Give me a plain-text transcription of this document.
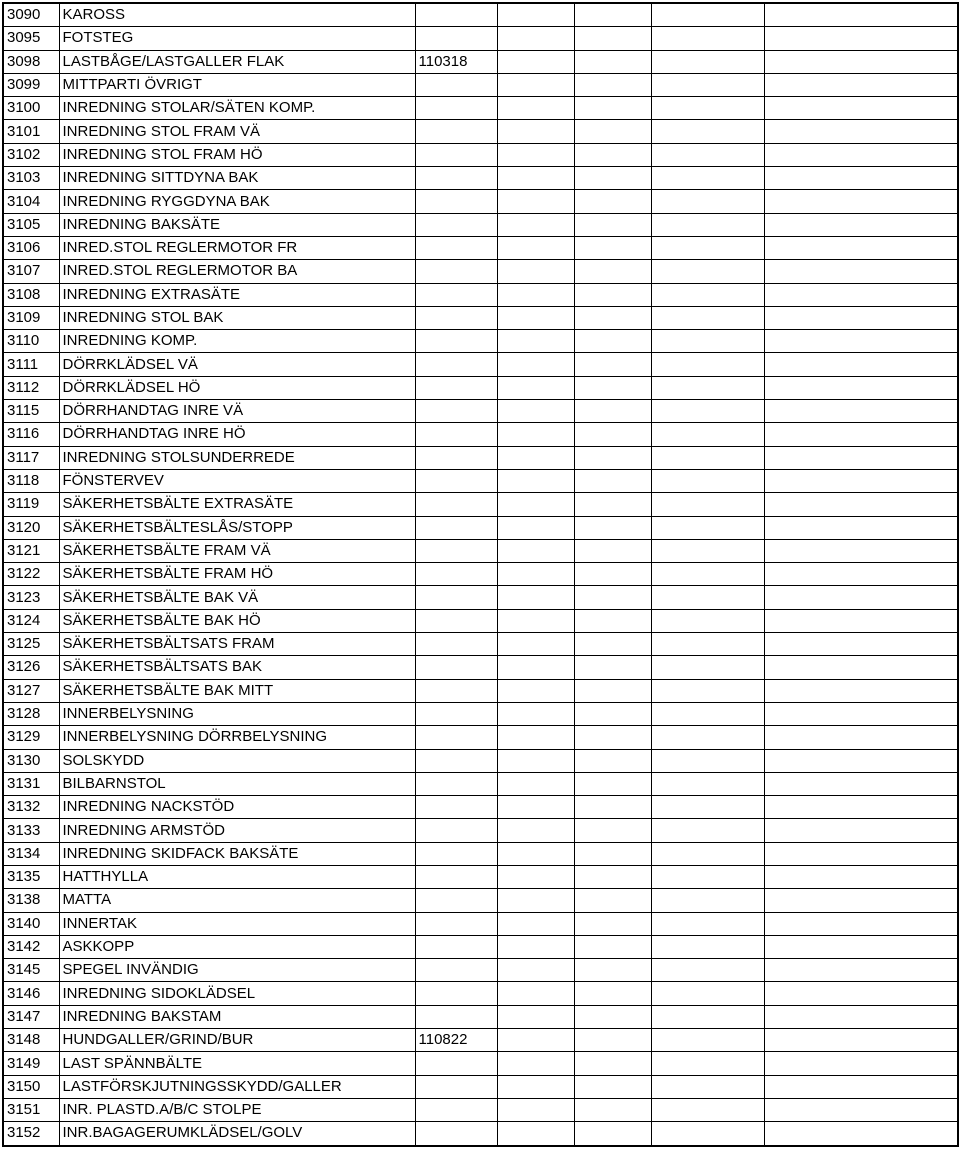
3090	KAROSS					
3095	FOTSTEG					
3098	LASTBÅGE/LASTGALLER FLAK	110318				
3099	MITTPARTI ÖVRIGT					
3100	INREDNING STOLAR/SÄTEN KOMP.					
3101	INREDNING STOL FRAM VÄ					
3102	INREDNING STOL FRAM HÖ					
3103	INREDNING SITTDYNA BAK					
3104	INREDNING RYGGDYNA BAK					
3105	INREDNING BAKSÄTE					
3106	INRED.STOL REGLERMOTOR FR					
3107	INRED.STOL REGLERMOTOR BA					
3108	INREDNING EXTRASÄTE					
3109	INREDNING STOL BAK					
3110	INREDNING KOMP.					
3111	DÖRRKLÄDSEL VÄ					
3112	DÖRRKLÄDSEL HÖ					
3115	DÖRRHANDTAG INRE VÄ					
3116	DÖRRHANDTAG INRE HÖ					
3117	INREDNING STOLSUNDERREDE					
3118	FÖNSTERVEV					
3119	SÄKERHETSBÄLTE EXTRASÄTE					
3120	SÄKERHETSBÄLTESLÅS/STOPP					
3121	SÄKERHETSBÄLTE FRAM VÄ					
3122	SÄKERHETSBÄLTE FRAM HÖ					
3123	SÄKERHETSBÄLTE BAK VÄ					
3124	SÄKERHETSBÄLTE BAK HÖ					
3125	SÄKERHETSBÄLTSATS FRAM					
3126	SÄKERHETSBÄLTSATS BAK					
3127	SÄKERHETSBÄLTE BAK MITT					
3128	INNERBELYSNING					
3129	INNERBELYSNING DÖRRBELYSNING					
3130	SOLSKYDD					
3131	BILBARNSTOL					
3132	INREDNING NACKSTÖD					
3133	INREDNING ARMSTÖD					
3134	INREDNING SKIDFACK BAKSÄTE					
3135	HATTHYLLA					
3138	MATTA					
3140	INNERTAK					
3142	ASKKOPP					
3145	SPEGEL INVÄNDIG					
3146	INREDNING SIDOKLÄDSEL					
3147	INREDNING BAKSTAM					
3148	HUNDGALLER/GRIND/BUR	110822				
3149	LAST SPÄNNBÄLTE					
3150	LASTFÖRSKJUTNINGSSKYDD/GALLER					
3151	INR. PLASTD.A/B/C STOLPE					
3152	INR.BAGAGERUMKLÄDSEL/GOLV					
